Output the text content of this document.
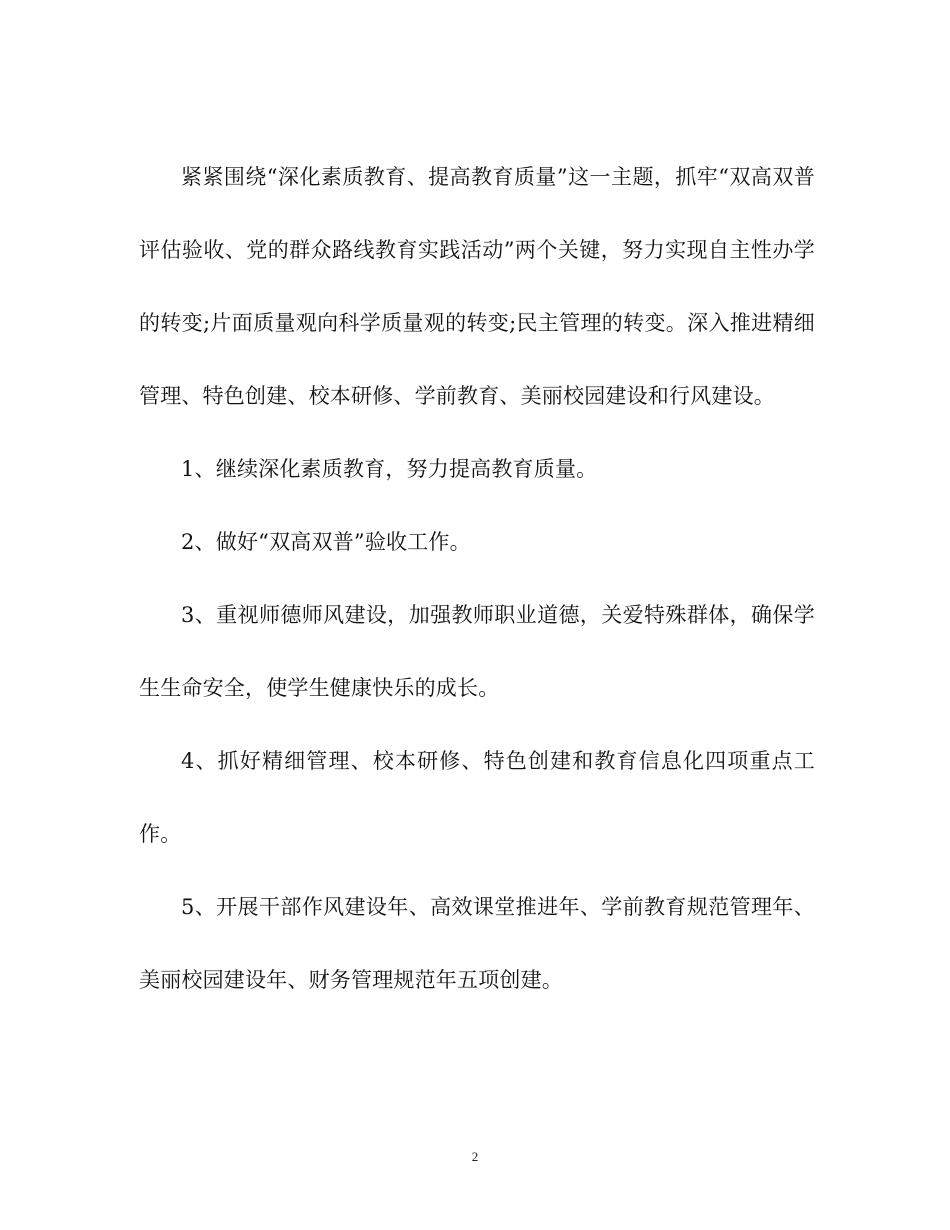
紧紧围绕“深化素质教育、提高教育质量”这一主题，抓牢“双高双普评估验收、党的群众路线教育实践活动”两个关键，努力实现自主性办学的转变;片面质量观向科学质量观的转变;民主管理的转变。深入推进精细管理、特色创建、校本研修、学前教育、美丽校园建设和行风建设。

1、继续深化素质教育，努力提高教育质量。

2、做好“双高双普”验收工作。

3、重视师德师风建设，加强教师职业道德，关爱特殊群体，确保学生生命安全，使学生健康快乐的成长。

4、抓好精细管理、校本研修、特色创建和教育信息化四项重点工作。

5、开展干部作风建设年、高效课堂推进年、学前教育规范管理年、美丽校园建设年、财务管理规范年五项创建。

2
